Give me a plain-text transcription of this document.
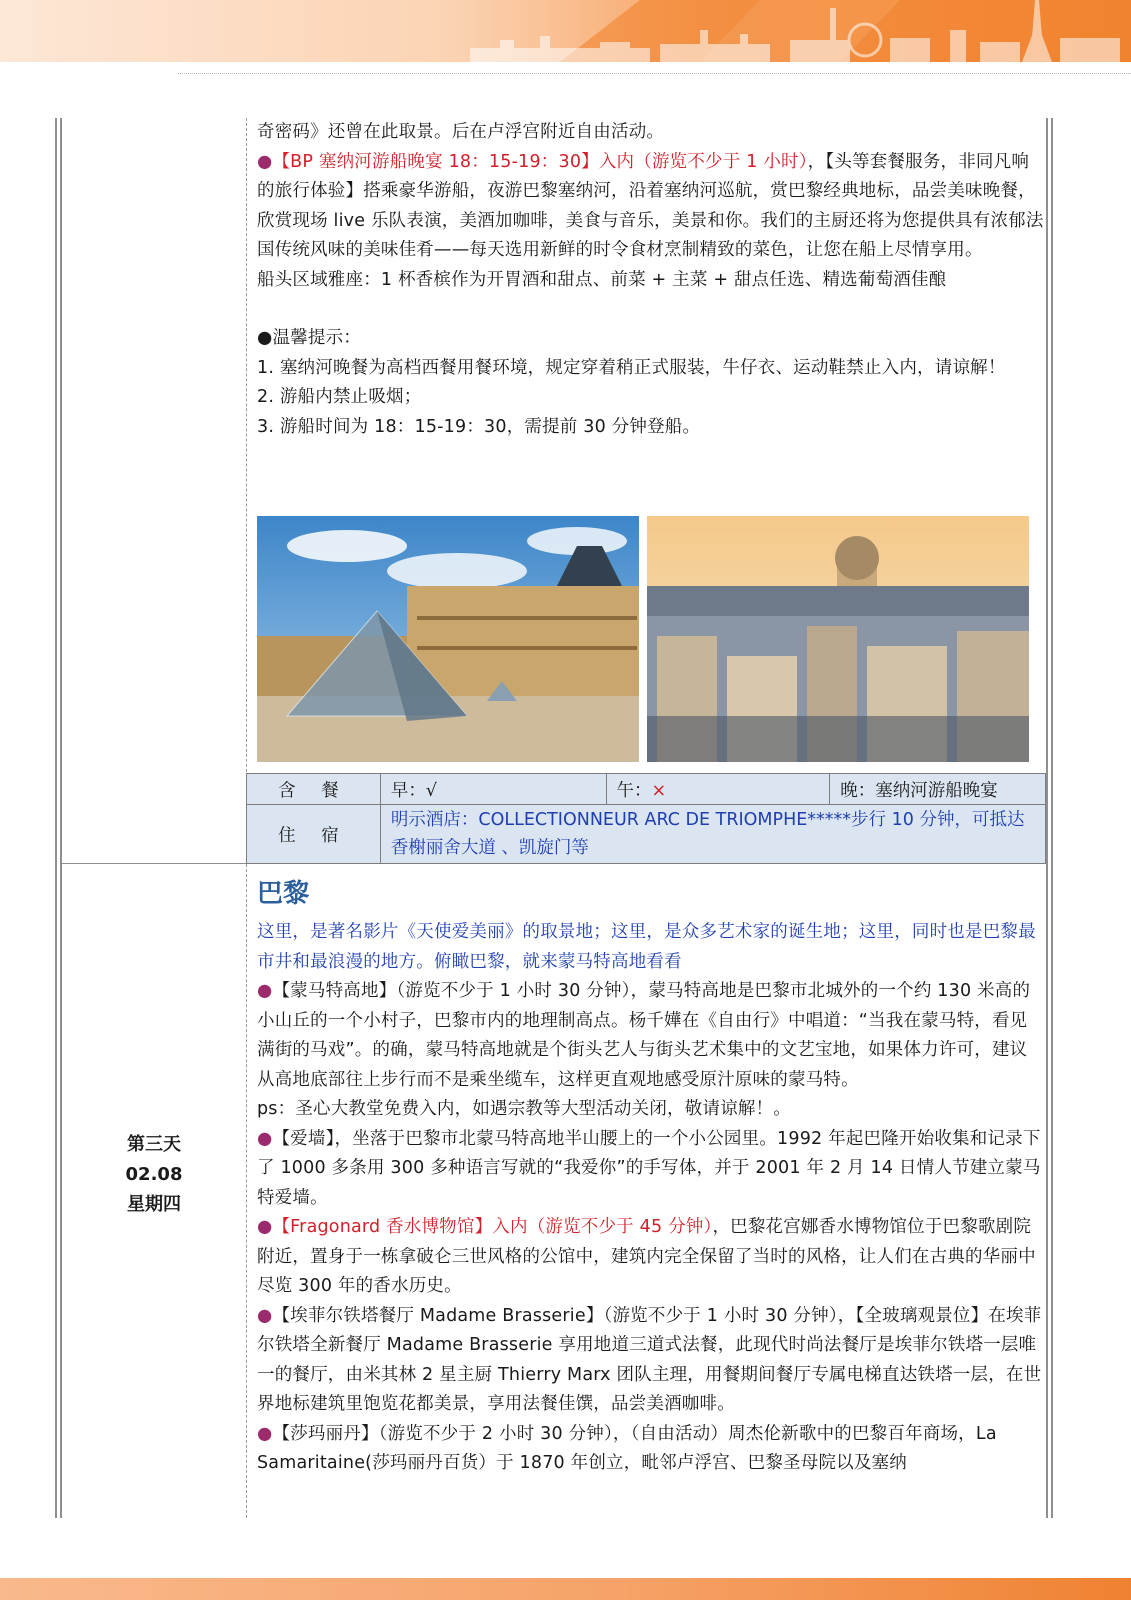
奇密码》还曾在此取景。后在卢浮宫附近自由活动。

●【BP 塞纳河游船晚宴 18：15-19：30】入内（游览不少于 1 小时），【头等套餐服务，非同凡响的旅行体验】搭乘豪华游船，夜游巴黎塞纳河，沿着塞纳河巡航，赏巴黎经典地标，品尝美味晚餐，欣赏现场 live 乐队表演，美酒加咖啡，美食与音乐，美景和你。我们的主厨还将为您提供具有浓郁法国传统风味的美味佳肴——每天选用新鲜的时令食材烹制精致的菜色，让您在船上尽情享用。

船头区域雅座：1 杯香槟作为开胃酒和甜点、前菜 + 主菜 + 甜点任选、精选葡萄酒佳酿

●温馨提示：

1. 塞纳河晚餐为高档西餐用餐环境，规定穿着稍正式服装，牛仔衣、运动鞋禁止入内，请谅解！

2. 游船内禁止吸烟；

3. 游船时间为 18：15-19：30，需提前 30 分钟登船。

含 餐	早：√	午：×	晚：塞纳河游船晚宴
住 宿	明示酒店：COLLECTIONNEUR ARC DE TRIOMPHE*****步行 10 分钟，可抵达香榭丽舍大道 、凯旋门等		
第三天
02.08
星期四
巴黎

这里，是著名影片《天使爱美丽》的取景地；这里，是众多艺术家的诞生地；这里，同时也是巴黎最市井和最浪漫的地方。俯瞰巴黎，就来蒙马特高地看看

●【蒙马特高地】（游览不少于 1 小时 30 分钟），蒙马特高地是巴黎市北城外的一个约 130 米高的小山丘的一个小村子，巴黎市内的地理制高点。杨千嬅在《自由行》中唱道：“当我在蒙马特，看见满街的马戏”。的确，蒙马特高地就是个街头艺人与街头艺术集中的文艺宝地，如果体力许可，建议从高地底部往上步行而不是乘坐缆车，这样更直观地感受原汁原味的蒙马特。

ps：圣心大教堂免费入内，如遇宗教等大型活动关闭，敬请谅解！。

●【爱墙】，坐落于巴黎市北蒙马特高地半山腰上的一个小公园里。1992 年起巴隆开始收集和记录下了 1000 多条用 300 多种语言写就的“我爱你”的手写体，并于 2001 年 2 月 14 日情人节建立蒙马特爱墙。

●【Fragonard 香水博物馆】入内（游览不少于 45 分钟），巴黎花宫娜香水博物馆位于巴黎歌剧院附近，置身于一栋拿破仑三世风格的公馆中，建筑内完全保留了当时的风格，让人们在古典的华丽中尽览 300 年的香水历史。

●【埃菲尔铁塔餐厅 Madame Brasserie】（游览不少于 1 小时 30 分钟），【全玻璃观景位】在埃菲尔铁塔全新餐厅 Madame Brasserie 享用地道三道式法餐，此现代时尚法餐厅是埃菲尔铁塔一层唯一的餐厅，由米其林 2 星主厨 Thierry Marx 团队主理，用餐期间餐厅专属电梯直达铁塔一层，在世界地标建筑里饱览花都美景，享用法餐佳馔，品尝美酒咖啡。

●【莎玛丽丹】（游览不少于 2 小时 30 分钟），（自由活动）周杰伦新歌中的巴黎百年商场，La Samaritaine(莎玛丽丹百货）于 1870 年创立，毗邻卢浮宫、巴黎圣母院以及塞纳
